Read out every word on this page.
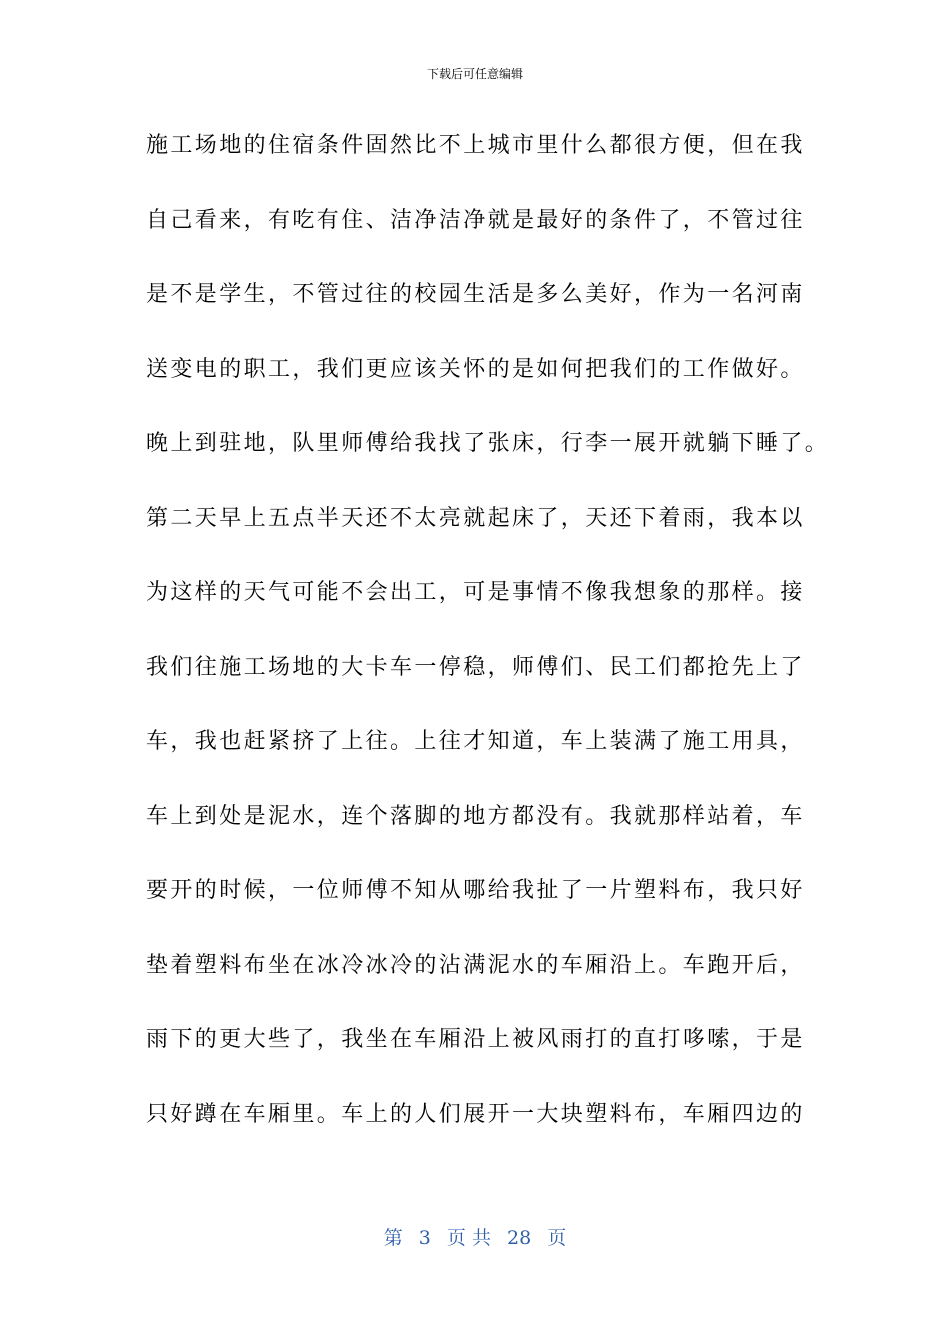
下载后可任意编辑
施工场地的住宿条件固然比不上城市里什么都很方便，但在我
自己看来，有吃有住、洁净洁净就是最好的条件了，不管过往
是不是学生，不管过往的校园生活是多么美好，作为一名河南
送变电的职工，我们更应该关怀的是如何把我们的工作做好。
晚上到驻地，队里师傅给我找了张床，行李一展开就躺下睡了。
第二天早上五点半天还不太亮就起床了，天还下着雨，我本以
为这样的天气可能不会出工，可是事情不像我想象的那样。接
我们往施工场地的大卡车一停稳，师傅们、民工们都抢先上了
车，我也赶紧挤了上往。上往才知道，车上装满了施工用具，
车上到处是泥水，连个落脚的地方都没有。我就那样站着，车
要开的时候，一位师傅不知从哪给我扯了一片塑料布，我只好
垫着塑料布坐在冰冷冰冷的沾满泥水的车厢沿上。车跑开后，
雨下的更大些了，我坐在车厢沿上被风雨打的直打哆嗦，于是
只好蹲在车厢里。车上的人们展开一大块塑料布，车厢四边的
第 3 页 共 28 页
